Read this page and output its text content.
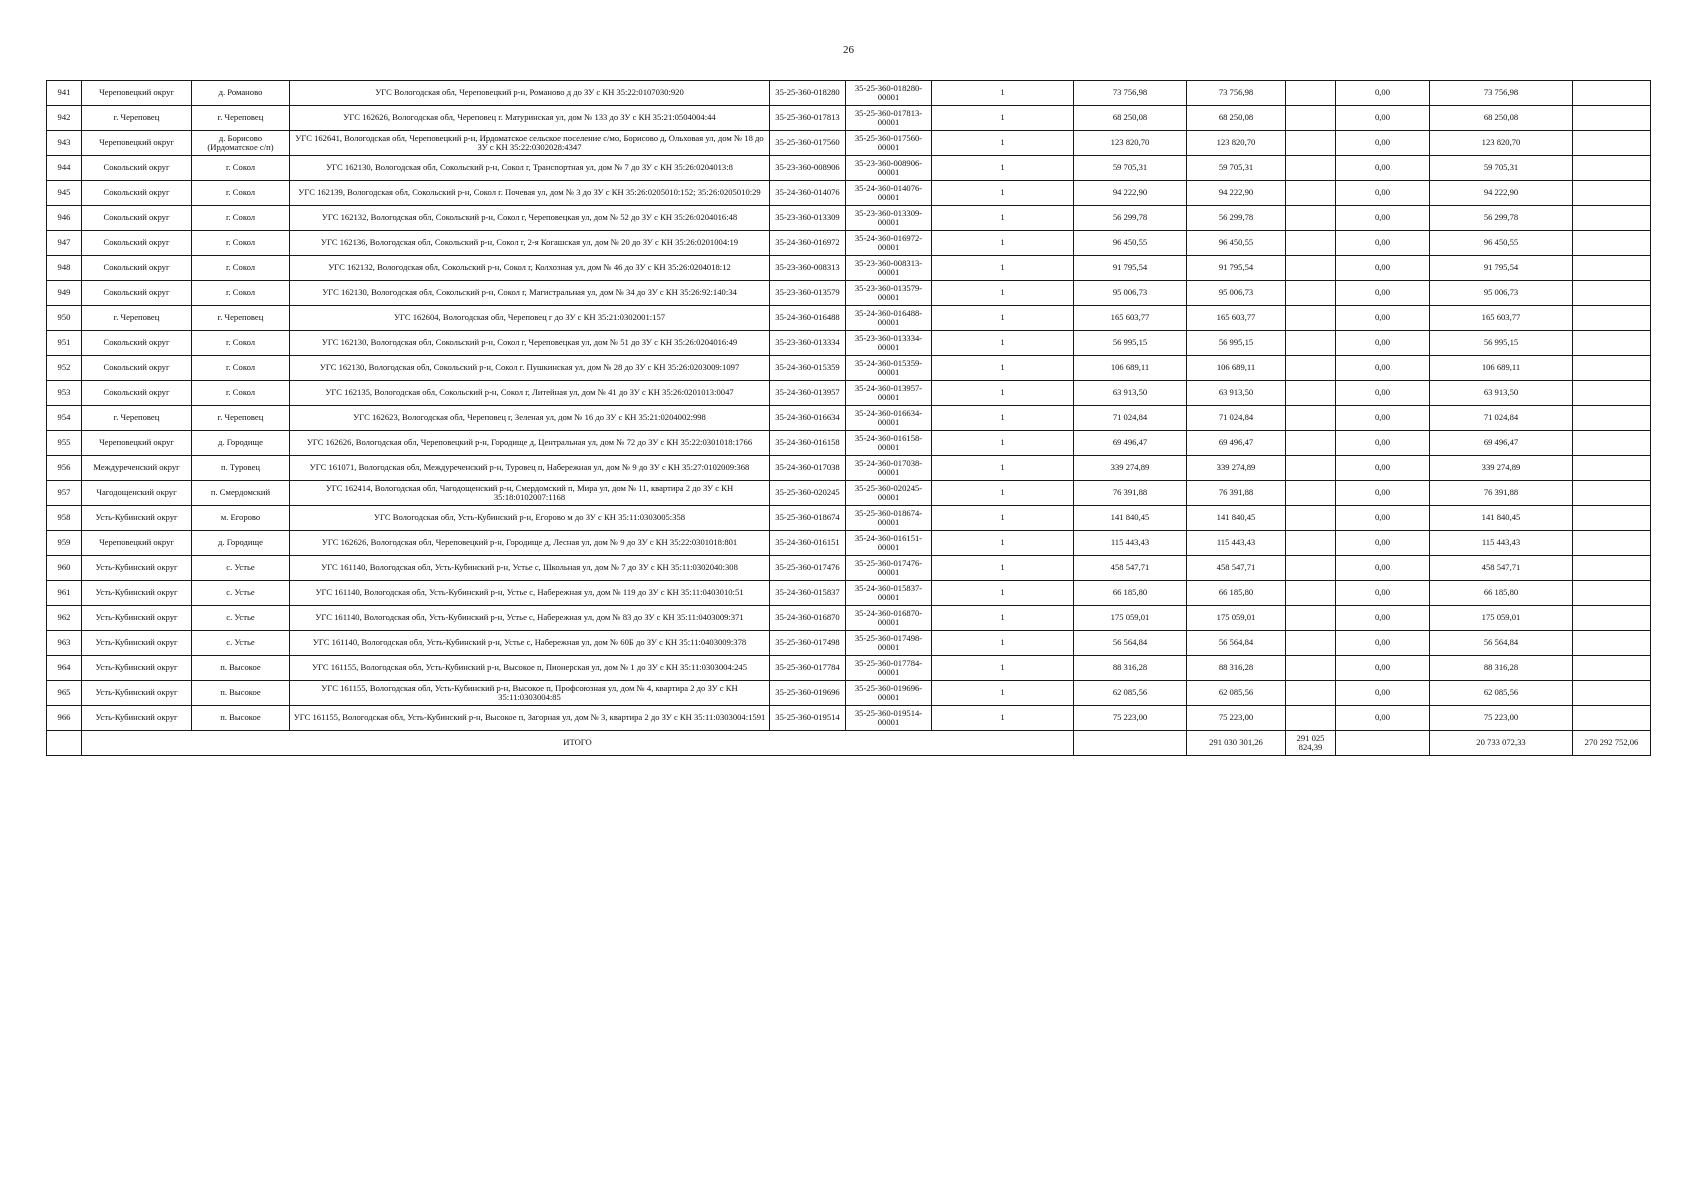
26
941	Череповецкий округ	д. Романово	УГС Вологодская обл, Череповецкий р-н, Романово д до ЗУ с КН 35:22:0107030:920	35-25-360-018280	35-25-360-018280-00001	1	73 756,98	73 756,98		0,00	73 756,98		
942	г. Череповец	г. Череповец	УГС 162626, Вологодская обл, Череповец г. Матуринская ул, дом № 133 до ЗУ с КН 35:21:0504004:44	35-25-360-017813	35-25-360-017813-00001	1	68 250,08	68 250,08		0,00	68 250,08		
943	Череповецкий округ	д. Борисово (Ирдоматское с/п)	УГС 162641, Вологодская обл, Череповецкий р-н, Ирдоматское сельское поселение с/мо, Борисово д, Ольховая ул, дом № 18 до ЗУ с КН 35:22:0302028:4347	35-25-360-017560	35-25-360-017560-00001	1	123 820,70	123 820,70		0,00	123 820,70		
944	Сокольский округ	г. Сокол	УГС 162130, Вологодская обл, Сокольский р-н, Сокол г, Транспортная ул, дом № 7 до ЗУ с КН 35:26:0204013:8	35-23-360-008906	35-23-360-008906-00001	1	59 705,31	59 705,31		0,00	59 705,31		
945	Сокольский округ	г. Сокол	УГС 162139, Вологодская обл, Сокольский р-н, Сокол г. Почевая ул, дом № 3 до ЗУ с КН 35:26:0205010:152; 35:26:0205010:29	35-24-360-014076	35-24-360-014076-00001	1	94 222,90	94 222,90		0,00	94 222,90		
946	Сокольский округ	г. Сокол	УГС 162132, Вологодская обл, Сокольский р-н, Сокол г, Череповецкая ул, дом № 52 до ЗУ с КН 35:26:0204016:48	35-23-360-013309	35-23-360-013309-00001	1	56 299,78	56 299,78		0,00	56 299,78		
947	Сокольский округ	г. Сокол	УГС 162136, Вологодская обл, Сокольский р-н, Сокол г, 2-я Когашская ул, дом № 20 до ЗУ с КН 35:26:0201004:19	35-24-360-016972	35-24-360-016972-00001	1	96 450,55	96 450,55		0,00	96 450,55		
948	Сокольский округ	г. Сокол	УГС 162132, Вологодская обл, Сокольский р-н, Сокол г, Колхозная ул, дом № 46 до ЗУ с КН 35:26:0204018:12	35-23-360-008313	35-23-360-008313-00001	1	91 795,54	91 795,54		0,00	91 795,54		
949	Сокольский округ	г. Сокол	УГС 162130, Вологодская обл, Сокольский р-н, Сокол г, Магистральная ул, дом № 34 до ЗУ с КН 35:26:92:140:34	35-23-360-013579	35-23-360-013579-00001	1	95 006,73	95 006,73		0,00	95 006,73		
950	г. Череповец	г. Череповец	УГС 162604, Вологодская обл, Череповец г до ЗУ с КН 35:21:0302001:157	35-24-360-016488	35-24-360-016488-00001	1	165 603,77	165 603,77		0,00	165 603,77		
951	Сокольский округ	г. Сокол	УГС 162130, Вологодская обл, Сокольский р-н, Сокол г, Череповецкая ул, дом № 51 до ЗУ с КН 35:26:0204016:49	35-23-360-013334	35-23-360-013334-00001	1	56 995,15	56 995,15		0,00	56 995,15		
952	Сокольский округ	г. Сокол	УГС 162130, Вологодская обл, Сокольский р-н, Сокол г. Пушкинская ул, дом № 28 до ЗУ с КН 35:26:0203009:1097	35-24-360-015359	35-24-360-015359-00001	1	106 689,11	106 689,11		0,00	106 689,11		
953	Сокольский округ	г. Сокол	УГС 162135, Вологодская обл, Сокольский р-н, Сокол г, Литейная ул, дом № 41 до ЗУ с КН 35:26:0201013:0047	35-24-360-013957	35-24-360-013957-00001	1	63 913,50	63 913,50		0,00	63 913,50		
954	г. Череповец	г. Череповец	УГС 162623, Вологодская обл, Череповец г, Зеленая ул, дом № 16 до ЗУ с КН 35:21:0204002:998	35-24-360-016634	35-24-360-016634-00001	1	71 024,84	71 024,84		0,00	71 024,84		
955	Череповецкий округ	д. Городище	УГС 162626, Вологодская обл, Череповецкий р-н, Городище д, Центральная ул, дом № 72 до ЗУ с КН 35:22:0301018:1766	35-24-360-016158	35-24-360-016158-00001	1	69 496,47	69 496,47		0,00	69 496,47		
956	Междуреченский округ	п. Туровец	УГС 161071, Вологодская обл, Междуреченский р-н, Туровец п, Набережная ул, дом № 9 до ЗУ с КН 35:27:0102009:368	35-24-360-017038	35-24-360-017038-00001	1	339 274,89	339 274,89		0,00	339 274,89		
957	Чагодощенский округ	п. Смердомский	УГС 162414, Вологодская обл, Чагодощенский р-н, Смердомский п, Мира ул, дом № 11, квартира 2 до ЗУ с КН 35:18:0102007:1168	35-25-360-020245	35-25-360-020245-00001	1	76 391,88	76 391,88		0,00	76 391,88		
958	Усть-Кубинский округ	м. Егорово	УГС Вологодская обл, Усть-Кубинский р-н, Егорово м до ЗУ с КН 35:11:0303005:358	35-25-360-018674	35-25-360-018674-00001	1	141 840,45	141 840,45		0,00	141 840,45		
959	Череповецкий округ	д. Городище	УГС 162626, Вологодская обл, Череповецкий р-н, Городище д, Лесная ул, дом № 9 до ЗУ с КН 35:22:0301018:801	35-24-360-016151	35-24-360-016151-00001	1	115 443,43	115 443,43		0,00	115 443,43		
960	Усть-Кубинский округ	с. Устье	УГС 161140, Вологодская обл, Усть-Кубинский р-н, Устье с, Школьная ул, дом № 7 до ЗУ с КН 35:11:0302040:308	35-25-360-017476	35-25-360-017476-00001	1	458 547,71	458 547,71		0,00	458 547,71		
961	Усть-Кубинский округ	с. Устье	УГС 161140, Вологодская обл, Усть-Кубинский р-н, Устье с, Набережная ул, дом № 119 до ЗУ с КН 35:11:0403010:51	35-24-360-015837	35-24-360-015837-00001	1	66 185,80	66 185,80		0,00	66 185,80		
962	Усть-Кубинский округ	с. Устье	УГС 161140, Вологодская обл, Усть-Кубинский р-н, Устье с, Набережная ул, дом № 83 до ЗУ с КН 35:11:0403009:371	35-24-360-016870	35-24-360-016870-00001	1	175 059,01	175 059,01		0,00	175 059,01		
963	Усть-Кубинский округ	с. Устье	УГС 161140, Вологодская обл, Усть-Кубинский р-н, Устье с, Набережная ул, дом № 60Б до ЗУ с КН 35:11:0403009:378	35-25-360-017498	35-25-360-017498-00001	1	56 564,84	56 564,84		0,00	56 564,84		
964	Усть-Кубинский округ	п. Высокое	УГС 161155, Вологодская обл, Усть-Кубинский р-н, Высокое п, Пионерская ул, дом № 1 до ЗУ с КН 35:11:0303004:245	35-25-360-017784	35-25-360-017784-00001	1	88 316,28	88 316,28		0,00	88 316,28		
965	Усть-Кубинский округ	п. Высокое	УГС 161155, Вологодская обл, Усть-Кубинский р-н, Высокое п, Профсоюзная ул, дом № 4, квартира 2 до ЗУ с КН 35:11:0303004:85	35-25-360-019696	35-25-360-019696-00001	1	62 085,56	62 085,56		0,00	62 085,56		
966	Усть-Кубинский округ	п. Высокое	УГС 161155, Вологодская обл, Усть-Кубинский р-н, Высокое п, Загорная ул, дом № 3, квартира 2 до ЗУ с КН 35:11:0303004:1591	35-25-360-019514	35-25-360-019514-00001	1	75 223,00	75 223,00		0,00	75 223,00		
	ИТОГО							291 030 301,26	291 025 824,39		20 733 072,33	270 292 752,06	
